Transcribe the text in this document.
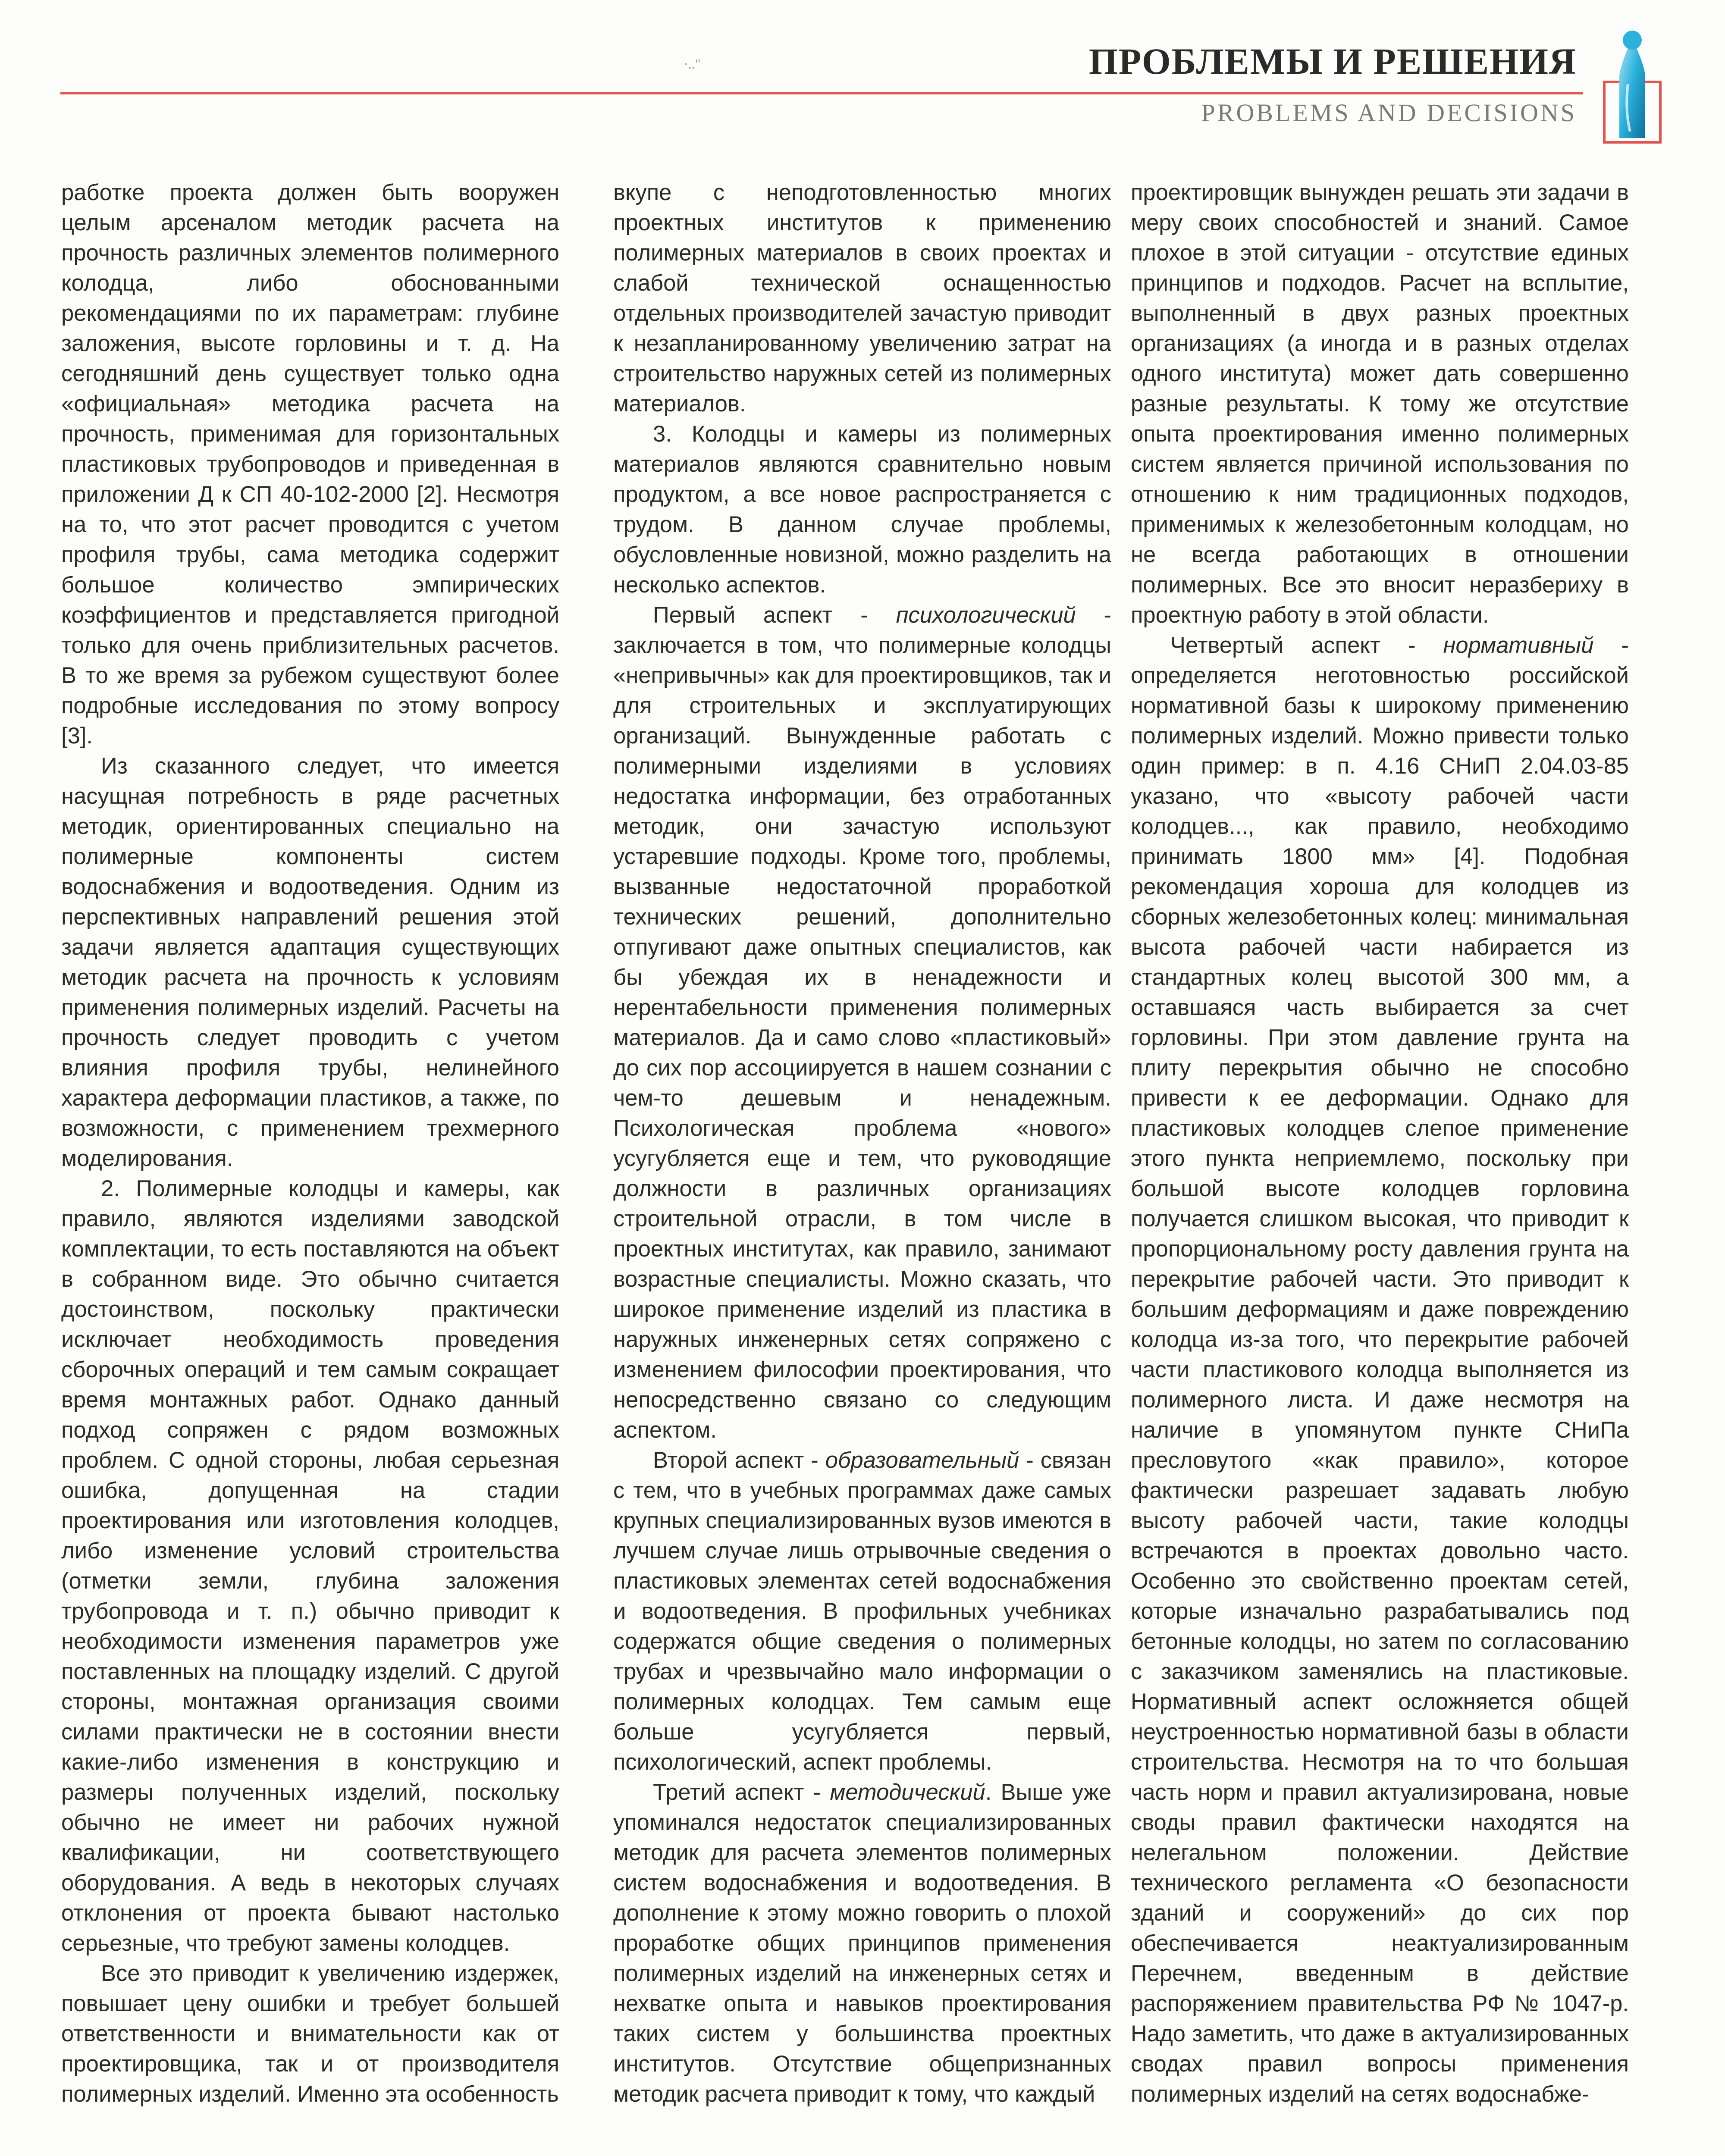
·.."	ПРОБЛЕМЫ И РЕШЕНИЯ
PROBLEMS AND DECISIONS

работке проекта должен быть вооружен целым арсеналом методик расчета на прочность различных элементов полимерного колодца, либо обоснованными рекомендациями по их параметрам: глубине заложения, высоте горловины и т. д. На сегодняшний день существует только одна «официальная» методика расчета на прочность, применимая для горизонтальных пластиковых трубопроводов и приведенная в приложении Д к СП 40-102-2000 [2]. Несмотря на то, что этот расчет проводится с учетом профиля трубы, сама методика содержит большое количество эмпирических коэффициентов и представляется пригодной только для очень приблизительных расчетов. В то же время за рубежом существуют более подробные исследования по этому вопросу [3].

Из сказанного следует, что имеется насущная потребность в ряде расчетных методик, ориентированных специально на полимерные компоненты систем водоснабжения и водоотведения. Одним из перспективных направлений решения этой задачи является адаптация существующих методик расчета на прочность к условиям применения полимерных изделий. Расчеты на прочность следует проводить с учетом влияния профиля трубы, нелинейного характера деформации пластиков, а также, по возможности, с применением трехмерного моделирования.

2. Полимерные колодцы и камеры, как правило, являются изделиями заводской комплектации, то есть поставляются на объект в собранном виде. Это обычно считается достоинством, поскольку практически исключает необходимость проведения сборочных операций и тем самым сокращает время монтажных работ. Однако данный подход сопряжен с рядом возможных проблем. С одной стороны, любая серьезная ошибка, допущенная на стадии проектирования или изготовления колодцев, либо изменение условий строительства (отметки земли, глубина заложения трубопровода и т. п.) обычно приводит к необходимости изменения параметров уже поставленных на площадку изделий. С другой стороны, монтажная организация своими силами практически не в состоянии внести какие-либо изменения в конструкцию и размеры полученных изделий, поскольку обычно не имеет ни рабочих нужной квалификации, ни соответствующего оборудования. А ведь в некоторых случаях отклонения от проекта бывают настолько серьезные, что требуют замены колодцев.

Все это приводит к увеличению издержек, повышает цену ошибки и требует большей ответственности и внимательности как от проектировщика, так и от производителя полимерных изделий. Именно эта особенность

вкупе с неподготовленностью многих проектных институтов к применению полимерных материалов в своих проектах и слабой технической оснащенностью отдельных производителей зачастую приводит к незапланированному увеличению затрат на строительство наружных сетей из полимерных материалов.

3. Колодцы и камеры из полимерных материалов являются сравнительно новым продуктом, а все новое распространяется с трудом. В данном случае проблемы, обусловленные новизной, можно разделить на несколько аспектов.

Первый аспект - психологический - заключается в том, что полимерные колодцы «непривычны» как для проектировщиков, так и для строительных и эксплуатирующих организаций. Вынужденные работать с полимерными изделиями в условиях недостатка информации, без отработанных методик, они зачастую используют устаревшие подходы. Кроме того, проблемы, вызванные недостаточной проработкой технических решений, дополнительно отпугивают даже опытных специалистов, как бы убеждая их в ненадежности и нерентабельности применения полимерных материалов. Да и само слово «пластиковый» до сих пор ассоциируется в нашем сознании с чем-то дешевым и ненадежным. Психологическая проблема «нового» усугубляется еще и тем, что руководящие должности в различных организациях строительной отрасли, в том числе в проектных институтах, как правило, занимают возрастные специалисты. Можно сказать, что широкое применение изделий из пластика в наружных инженерных сетях сопряжено с изменением философии проектирования, что непосредственно связано со следующим аспектом.

Второй аспект - образовательный - связан с тем, что в учебных программах даже самых крупных специализированных вузов имеются в лучшем случае лишь отрывочные сведения о пластиковых элементах сетей водоснабжения и водоотведения. В профильных учебниках содержатся общие сведения о полимерных трубах и чрезвычайно мало информации о полимерных колодцах. Тем самым еще больше усугубляется первый, психологический, аспект проблемы.

Третий аспект - методический. Выше уже упоминался недостаток специализированных методик для расчета элементов полимерных систем водоснабжения и водоотведения. В дополнение к этому можно говорить о плохой проработке общих принципов применения полимерных изделий на инженерных сетях и нехватке опыта и навыков проектирования таких систем у большинства проектных институтов. Отсутствие общепризнанных методик расчета приводит к тому, что каждый

проектировщик вынужден решать эти задачи в меру своих способностей и знаний. Самое плохое в этой ситуации - отсутствие единых принципов и подходов. Расчет на всплытие, выполненный в двух разных проектных организациях (а иногда и в разных отделах одного института) может дать совершенно разные результаты. К тому же отсутствие опыта проектирования именно полимерных систем является причиной использования по отношению к ним традиционных подходов, применимых к железобетонным колодцам, но не всегда работающих в отношении полимерных. Все это вносит неразбериху в проектную работу в этой области.

Четвертый аспект - нормативный - определяется неготовностью российской нормативной базы к широкому применению полимерных изделий. Можно привести только один пример: в п. 4.16 СНиП 2.04.03-85 указано, что «высоту рабочей части колодцев..., как правило, необходимо принимать 1800 мм» [4]. Подобная рекомендация хороша для колодцев из сборных железобетонных колец: минимальная высота рабочей части набирается из стандартных колец высотой 300 мм, а оставшаяся часть выбирается за счет горловины. При этом давление грунта на плиту перекрытия обычно не способно привести к ее деформации. Однако для пластиковых колодцев слепое применение этого пункта неприемлемо, поскольку при большой высоте колодцев горловина получается слишком высокая, что приводит к пропорциональному росту давления грунта на перекрытие рабочей части. Это приводит к большим деформациям и даже повреждению колодца из-за того, что перекрытие рабочей части пластикового колодца выполняется из полимерного листа. И даже несмотря на наличие в упомянутом пункте СНиПа пресловутого «как правило», которое фактически разрешает задавать любую высоту рабочей части, такие колодцы встречаются в проектах довольно часто. Особенно это свойственно проектам сетей, которые изначально разрабатывались под бетонные колодцы, но затем по согласованию с заказчиком заменялись на пластиковые. Нормативный аспект осложняется общей неустроенностью нормативной базы в области строительства. Несмотря на то что большая часть норм и правил актуализирована, новые своды правил фактически находятся на нелегальном положении. Действие технического регламента «О безопасности зданий и сооружений» до сих пор обеспечивается неактуализированным Перечнем, введенным в действие распоряжением правительства РФ № 1047-р. Надо заметить, что даже в актуализированных сводах правил вопросы применения полимерных изделий на сетях водоснабже-
